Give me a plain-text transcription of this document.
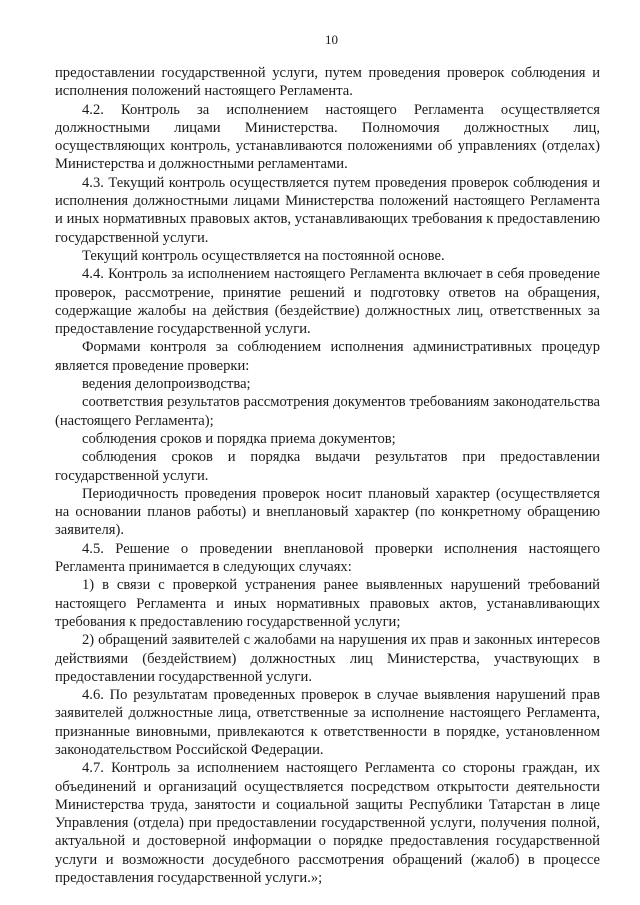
10

предоставлении государственной услуги, путем проведения проверок соблюдения и исполнения положений настоящего Регламента.

4.2. Контроль за исполнением настоящего Регламента осуществляется должностными лицами Министерства. Полномочия должностных лиц, осуществляющих контроль, устанавливаются положениями об управлениях (отделах) Министерства и должностными регламентами.

4.3. Текущий контроль осуществляется путем проведения проверок соблюдения и исполнения должностными лицами Министерства положений настоящего Регламента и иных нормативных правовых актов, устанавливающих требования к предоставлению государственной услуги.

Текущий контроль осуществляется на постоянной основе.

4.4. Контроль за исполнением настоящего Регламента включает в себя проведение проверок, рассмотрение, принятие решений и подготовку ответов на обращения, содержащие жалобы на действия (бездействие) должностных лиц, ответственных за предоставление государственной услуги.

Формами контроля за соблюдением исполнения административных процедур является проведение проверки:

ведения делопроизводства;

соответствия результатов рассмотрения документов требованиям законодательства (настоящего Регламента);

соблюдения сроков и порядка приема документов;

соблюдения сроков и порядка выдачи результатов при предоставлении государственной услуги.

Периодичность проведения проверок носит плановый характер (осуществляется на основании планов работы) и внеплановый характер (по конкретному обращению заявителя).

4.5. Решение о проведении внеплановой проверки исполнения настоящего Регламента принимается в следующих случаях:

1) в связи с проверкой устранения ранее выявленных нарушений требований настоящего Регламента и иных нормативных правовых актов, устанавливающих требования к предоставлению государственной услуги;

2) обращений заявителей с жалобами на нарушения их прав и законных интересов действиями (бездействием) должностных лиц Министерства, участвующих в предоставлении государственной услуги.

4.6. По результатам проведенных проверок в случае выявления нарушений прав заявителей должностные лица, ответственные за исполнение настоящего Регламента, признанные виновными, привлекаются к ответственности в порядке, установленном законодательством Российской Федерации.

4.7. Контроль за исполнением настоящего Регламента со стороны граждан, их объединений и организаций осуществляется посредством открытости деятельности Министерства труда, занятости и социальной защиты Республики Татарстан в лице Управления (отдела) при предоставлении государственной услуги, получения полной, актуальной и достоверной информации о порядке предоставления государственной услуги и возможности досудебного рассмотрения обращений (жалоб) в процессе предоставления государственной услуги.»;
